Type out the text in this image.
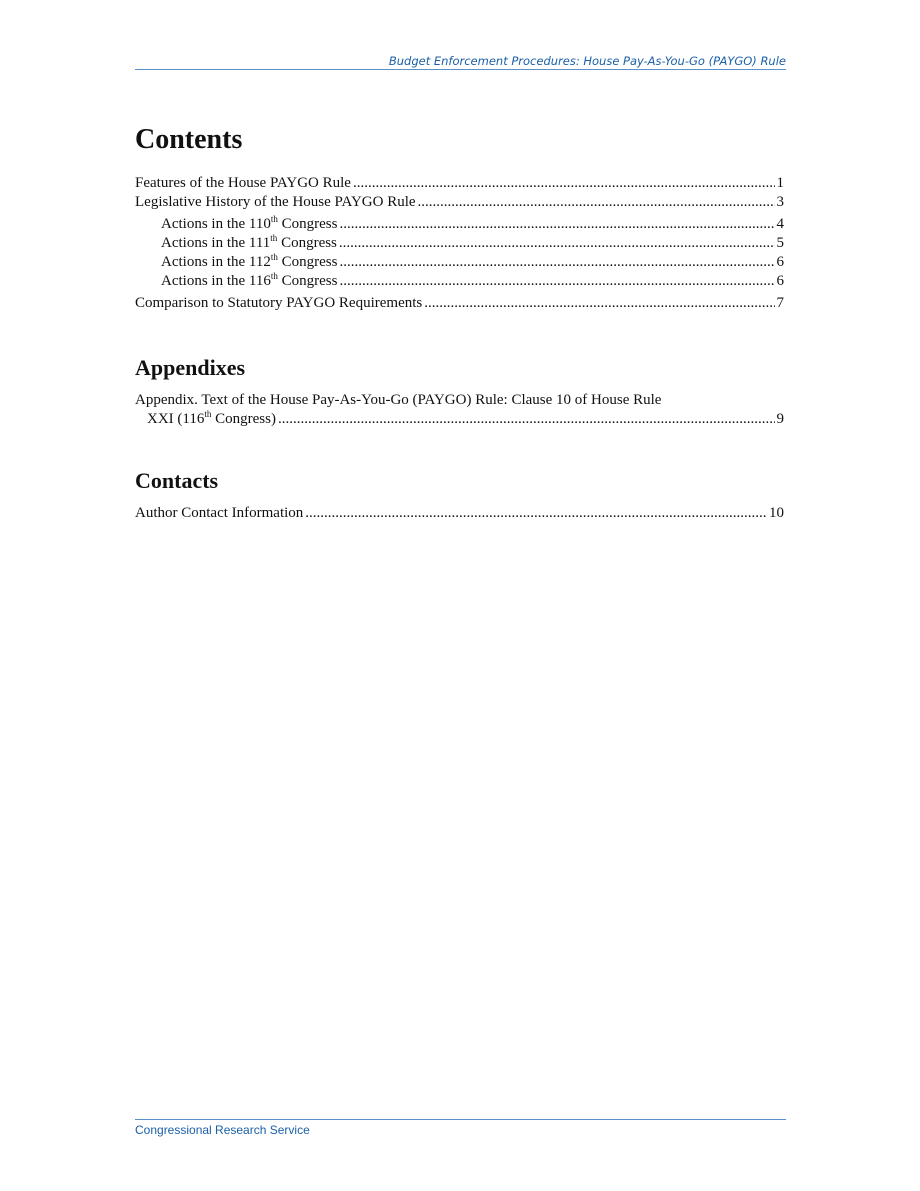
Budget Enforcement Procedures: House Pay-As-You-Go (PAYGO) Rule
Contents
Features of the House PAYGO Rule .....	1
Legislative History of the House PAYGO Rule .....	3
Actions in the 110th Congress .....	4
Actions in the 111th Congress .....	5
Actions in the 112th Congress .....	6
Actions in the 116th Congress .....	6
Comparison to Statutory PAYGO Requirements .....	7
Appendixes
Appendix. Text of the House Pay-As-You-Go (PAYGO) Rule: Clause 10 of House Rule
XXI (116th Congress) .....	9
Contacts
Author Contact Information .....	10
Congressional Research Service
